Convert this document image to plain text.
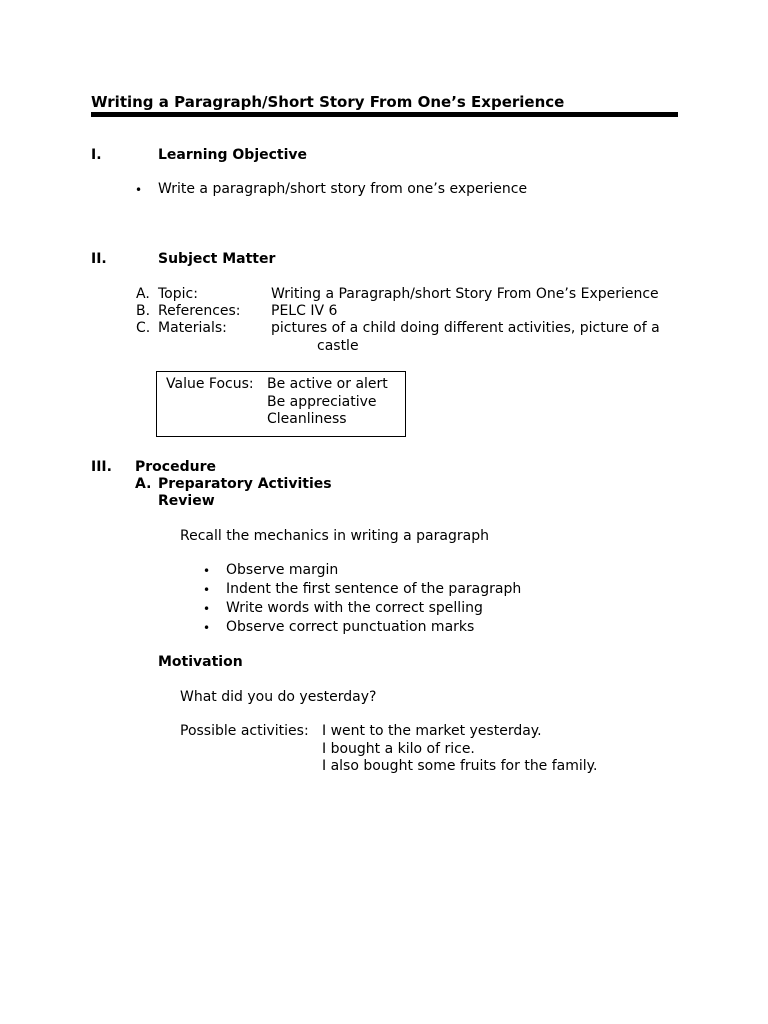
Writing a Paragraph/Short Story From One’s Experience
I.	Learning Objective
• Write a paragraph/short story from one’s experience
II.	Subject Matter
A. Topic:	Writing a Paragraph/short Story From One’s Experience
B. References: PELC IV 6
C. Materials:	pictures of a child doing different activities, picture of a
castle
Value Focus: Be active or alert
Be appreciative
Cleanliness
III. Procedure
A. Preparatory Activities
Review
Recall the mechanics in writing a paragraph
• Observe margin
• Indent the first sentence of the paragraph
• Write words with the correct spelling
• Observe correct punctuation marks
Motivation
What did you do yesterday?
Possible activities: I went to the market yesterday.
I bought a kilo of rice.
I also bought some fruits for the family.
